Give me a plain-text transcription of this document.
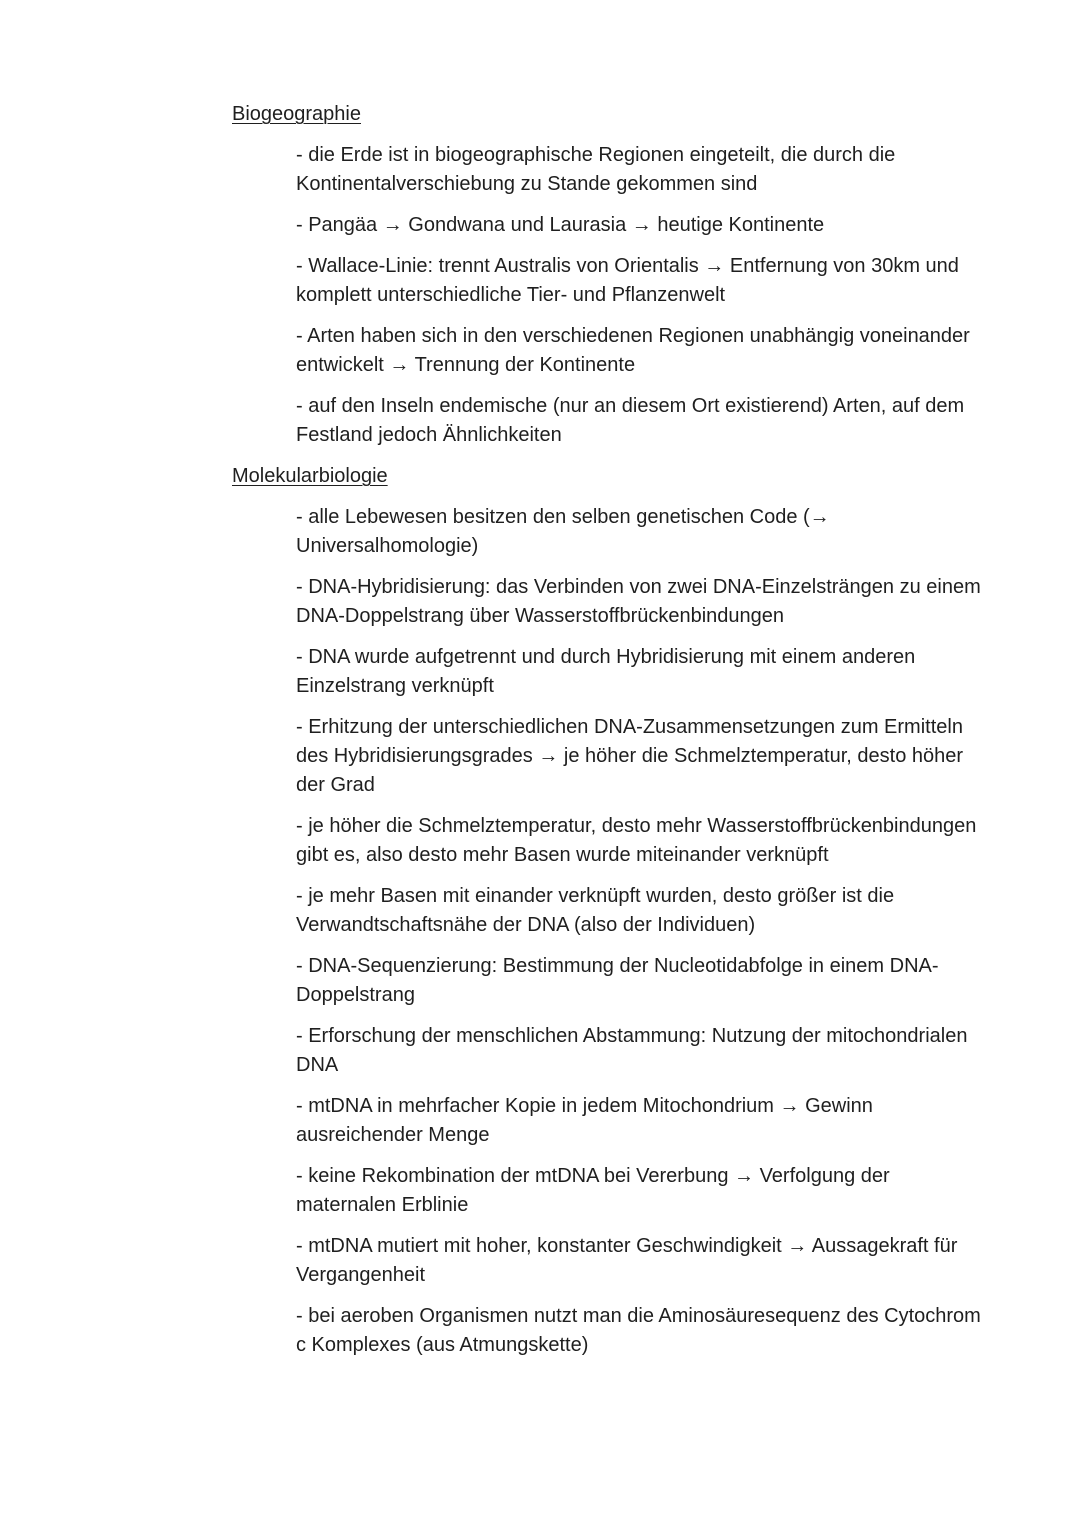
Biogeographie
- die Erde ist in biogeographische Regionen eingeteilt, die durch die Kontinentalverschiebung zu Stande gekommen sind
- Pangäa → Gondwana und Laurasia → heutige Kontinente
- Wallace-Linie: trennt Australis von Orientalis → Entfernung von 30km und komplett unterschiedliche Tier- und Pflanzenwelt
- Arten haben sich in den verschiedenen Regionen unabhängig voneinander entwickelt → Trennung der Kontinente
- auf den Inseln endemische (nur an diesem Ort existierend) Arten, auf dem Festland jedoch Ähnlichkeiten
Molekularbiologie
- alle Lebewesen besitzen den selben genetischen Code (→ Universalhomologie)
- DNA-Hybridisierung: das Verbinden von zwei DNA-Einzelsträngen zu einem DNA-Doppelstrang über Wasserstoffbrückenbindungen
- DNA wurde aufgetrennt und durch Hybridisierung mit einem anderen Einzelstrang verknüpft
- Erhitzung der unterschiedlichen DNA-Zusammensetzungen zum Ermitteln des Hybridisierungsgrades → je höher die Schmelztemperatur, desto höher der Grad
- je höher die Schmelztemperatur, desto mehr Wasserstoffbrückenbindungen gibt es, also desto mehr Basen wurde miteinander verknüpft
- je mehr Basen mit einander verknüpft wurden, desto größer ist die Verwandtschaftsnähe der DNA (also der Individuen)
- DNA-Sequenzierung: Bestimmung der Nucleotidabfolge in einem DNA-Doppelstrang
- Erforschung der menschlichen Abstammung: Nutzung der mitochondrialen DNA
- mtDNA in mehrfacher Kopie in jedem Mitochondrium → Gewinn ausreichender Menge
- keine Rekombination der mtDNA bei Vererbung → Verfolgung der maternalen Erblinie
- mtDNA mutiert mit hoher, konstanter Geschwindigkeit → Aussagekraft für Vergangenheit
- bei aeroben Organismen nutzt man die Aminosäuresequenz des Cytochrom c Komplexes (aus Atmungskette)
